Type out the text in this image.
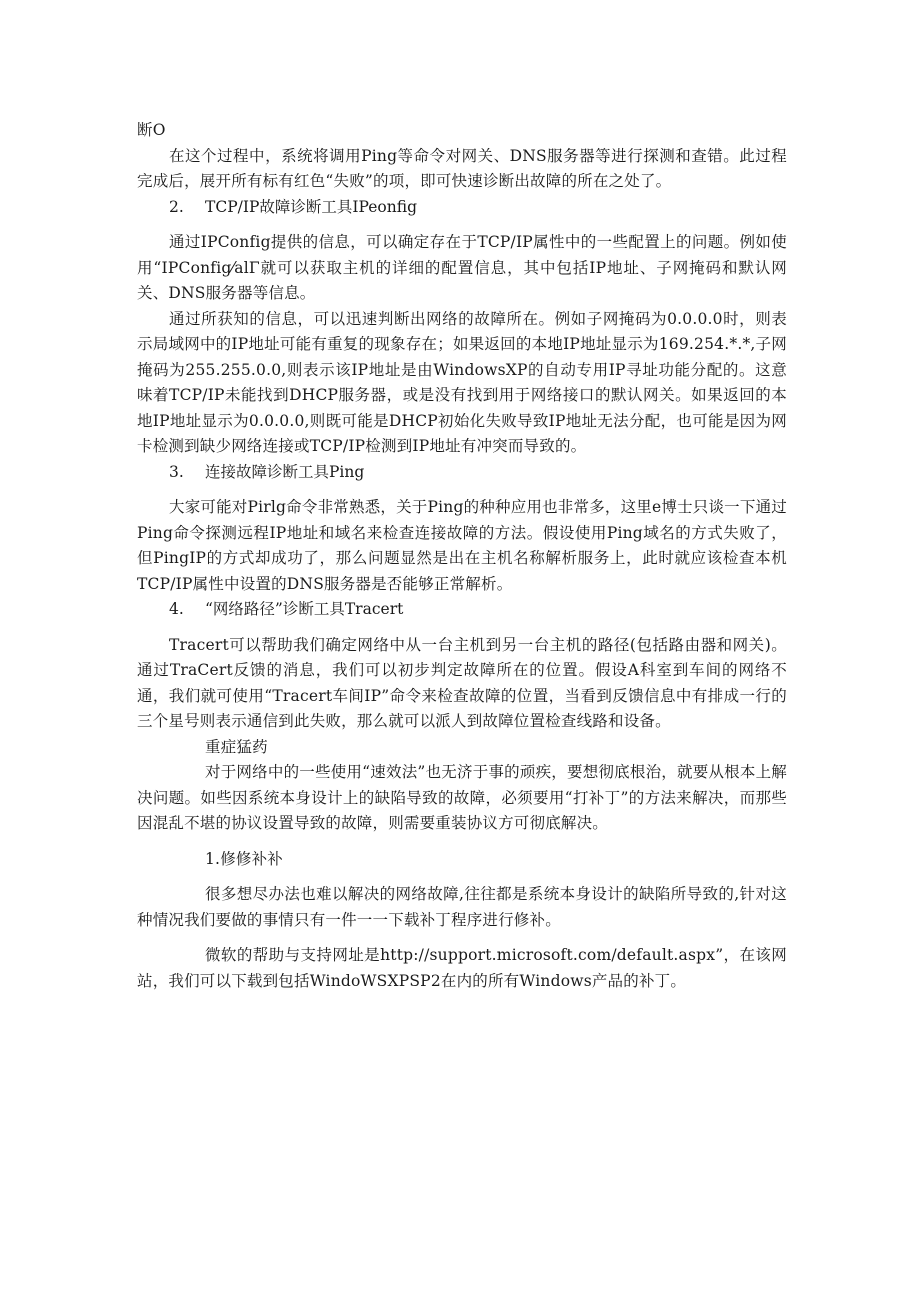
断O

在这个过程中，系统将调用Ping等命令对网关、DNS服务器等进行探测和查错。此过程完成后，展开所有标有红色“失败”的项，即可快速诊断出故障的所在之处了。

2. TCP/IP故障诊断工具IPeonfig

通过IPConfig提供的信息，可以确定存在于TCP/IP属性中的一些配置上的问题。例如使用“IPConfig⁄alΓ就可以获取主机的详细的配置信息，其中包括IP地址、子网掩码和默认网关、DNS服务器等信息。

通过所获知的信息，可以迅速判断出网络的故障所在。例如子网掩码为0.0.0.0时，则表示局域网中的IP地址可能有重复的现象存在；如果返回的本地IP地址显示为169.254.*.*,子网掩码为255.255.0.0,则表示该IP地址是由WindowsXP的自动专用IP寻址功能分配的。这意味着TCP/IP未能找到DHCP服务器，或是没有找到用于网络接口的默认网关。如果返回的本地IP地址显示为0.0.0.0,则既可能是DHCP初始化失败导致IP地址无法分配，也可能是因为网卡检测到缺少网络连接或TCP/IP检测到IP地址有冲突而导致的。

3. 连接故障诊断工具Ping

大家可能对Pirlg命令非常熟悉，关于Ping的种种应用也非常多，这里e博士只谈一下通过Ping命令探测远程IP地址和域名来检查连接故障的方法。假设使用Ping域名的方式失败了，但PingIP的方式却成功了，那么问题显然是出在主机名称解析服务上，此时就应该检查本机TCP/IP属性中设置的DNS服务器是否能够正常解析。

4. “网络路径”诊断工具Tracert

Tracert可以帮助我们确定网络中从一台主机到另一台主机的路径(包括路由器和网关)。通过TraCert反馈的消息，我们可以初步判定故障所在的位置。假设A科室到车间的网络不通，我们就可使用“Tracert车间IP”命令来检查故障的位置，当看到反馈信息中有排成一行的三个星号则表示通信到此失败，那么就可以派人到故障位置检查线路和设备。

重症猛药

对于网络中的一些使用“速效法”也无济于事的顽疾，要想彻底根治，就要从根本上解决问题。如些因系统本身设计上的缺陷导致的故障，必须要用“打补丁”的方法来解决，而那些因混乱不堪的协议设置导致的故障，则需要重装协议方可彻底解决。

1.修修补补

很多想尽办法也难以解决的网络故障,往往都是系统本身设计的缺陷所导致的,针对这种情况我们要做的事情只有一件一一下载补丁程序进行修补。

微软的帮助与支持网址是http://support.microsoft.com/default.aspx”，在该网站，我们可以下载到包括WindoWSXPSP2在内的所有Windows产品的补丁。
